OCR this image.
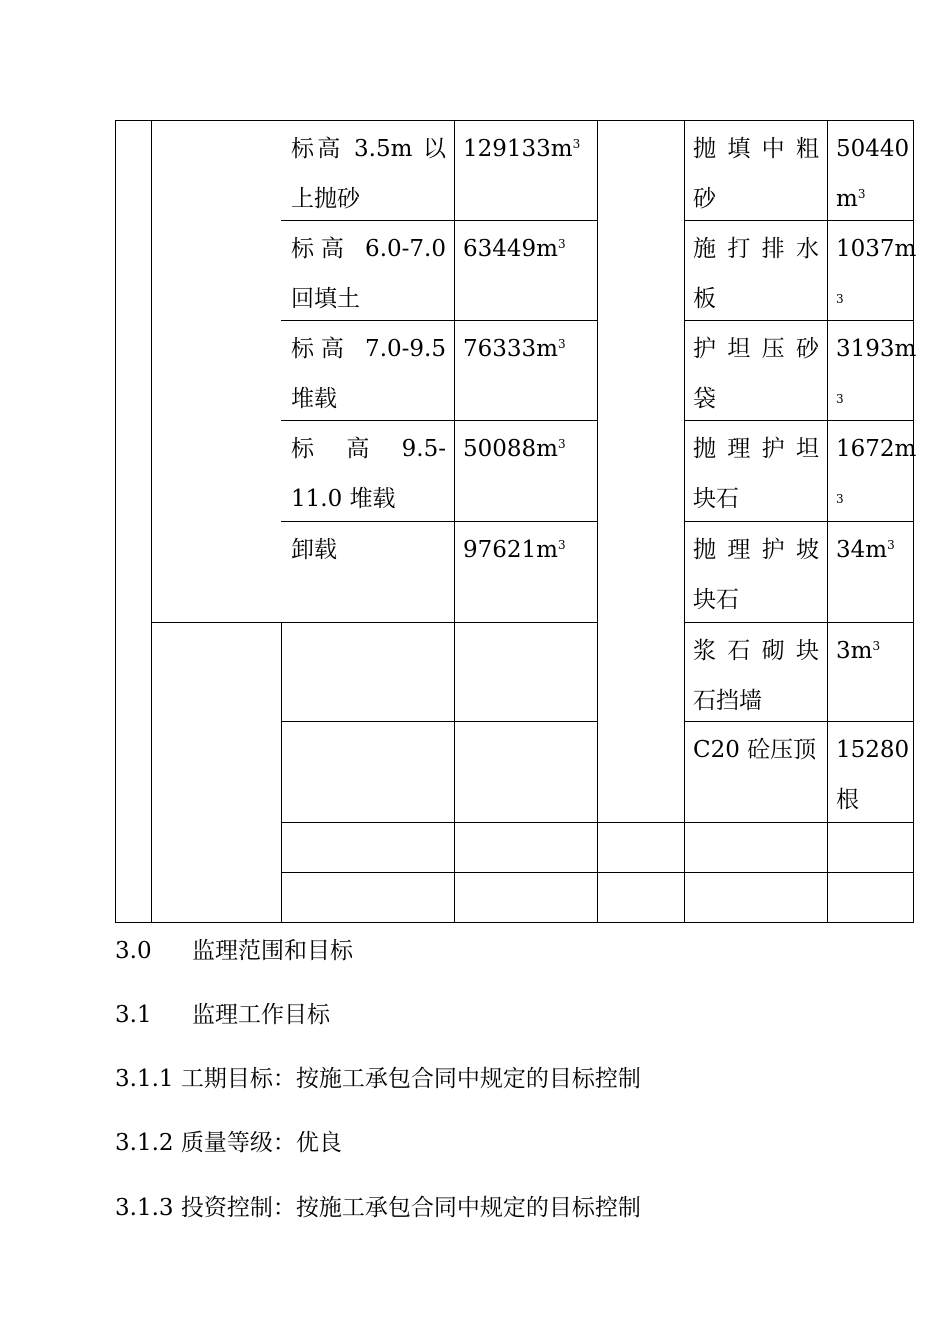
标高 3.5m 以
上抛砂
$129133m^3$
标高 6.0-7.0
回填土
$63449m^3$
标高 7.0-9.5
堆载
$76333m^3$
标 高 9.5-
11.0 堆载
$50088m^3$
卸载	$97621m^3$
抛填中粗
砂
50440
$m^3$
施打排水
板
1037m
3
护坦压砂
袋
3193m
3
抛理护坦
块石
1672m
3
抛理护坡
块石
$34m^3$
浆石砌块
石挡墙
$3m^3$
C20 砼压顶 15280
根
3.0 监理范围和目标
3.1 监理工作目标
3.1.1 工期目标：按施工承包合同中规定的目标控制
3.1.2 质量等级：优良
3.1.3 投资控制：按施工承包合同中规定的目标控制
